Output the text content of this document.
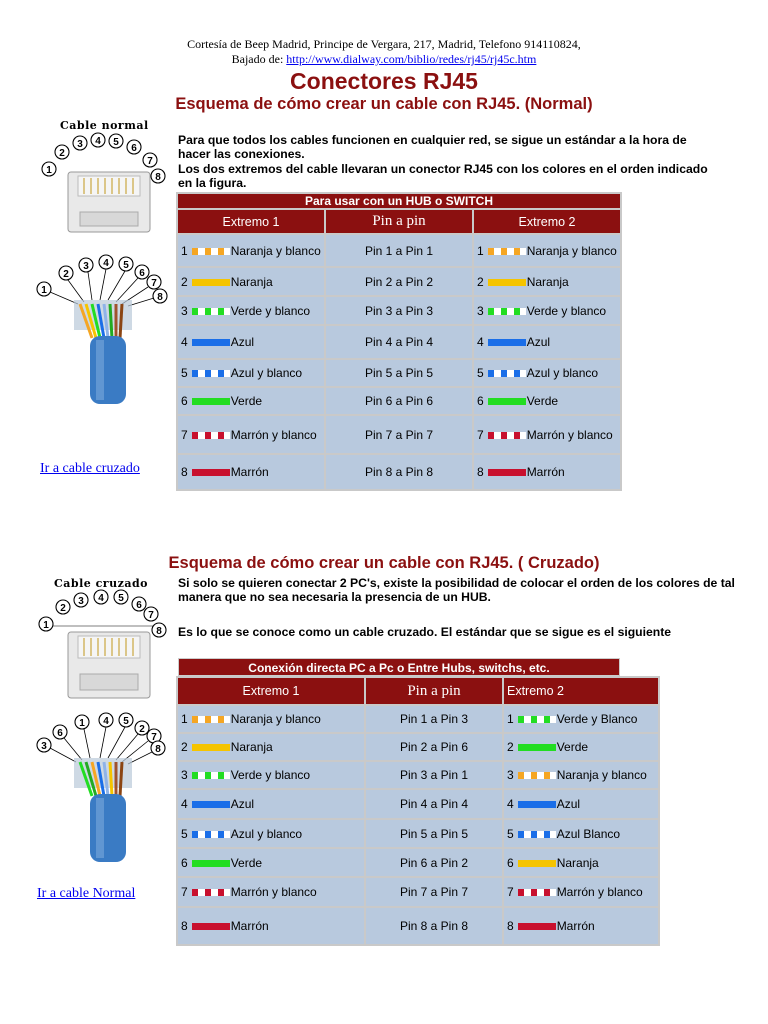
Cortesía de Beep Madrid, Principe de Vergara, 217, Madrid, Telefono 914110824,
Bajado de: http://www.dialway.com/biblio/redes/rj45/rj45c.htm
Conectores RJ45
Esquema de cómo crear un cable con RJ45. (Normal)
Cable normal
1
2
3 4 5
6
7
8
1
2
3 4 5
6
7
8
Ir a cable cruzado
Para que todos los cables funcionen en cualquier red, se sigue un estándar a la hora de hacer las conexiones.
Los dos extremos del cable llevaran un conector RJ45 con los colores en el orden indicado en la figura.
Para usar con un HUB o SWITCH		
Extremo 1	Pin a pin	Extremo 2
1 Naranja y blanco	Pin 1 a Pin 1	1 Naranja y blanco
2 Naranja	Pin 2 a Pin 2	2 Naranja
3 Verde y blanco	Pin 3 a Pin 3	3 Verde y blanco
4 Azul	Pin 4 a Pin 4	4 Azul
5 Azul y blanco	Pin 5 a Pin 5	5 Azul y blanco
6 Verde	Pin 6 a Pin 6	6 Verde
7 Marrón y blanco	Pin 7 a Pin 7	7 Marrón y blanco
8 Marrón	Pin 8 a Pin 8	8 Marrón
Esquema de cómo crear un cable con RJ45. ( Cruzado)
Cable cruzado
1
2
3 4 5
6
7
8
3
6
1 4 5
2
7
8
Ir a cable Normal
Si solo se quieren conectar 2 PC's, existe la posibilidad de colocar el orden de los colores de tal manera que no sea necesaria la presencia de un HUB.
Es lo que se conoce como un cable cruzado. El estándar que se sigue es el siguiente
Conexión directa PC a Pc o Entre Hubs, switchs, etc.
Extremo 1	Pin a pin	Extremo 2
1 Naranja y blanco	Pin 1 a Pin 3	1 Verde y Blanco
2 Naranja	Pin 2 a Pin 6	2 Verde
3 Verde y blanco	Pin 3 a Pin 1	3 Naranja y blanco
4 Azul	Pin 4 a Pin 4	4 Azul
5 Azul y blanco	Pin 5 a Pin 5	5 Azul Blanco
6 Verde	Pin 6 a Pin 2	6 Naranja
7 Marrón y blanco	Pin 7 a Pin 7	7 Marrón y blanco
8 Marrón	Pin 8 a Pin 8	8 Marrón
